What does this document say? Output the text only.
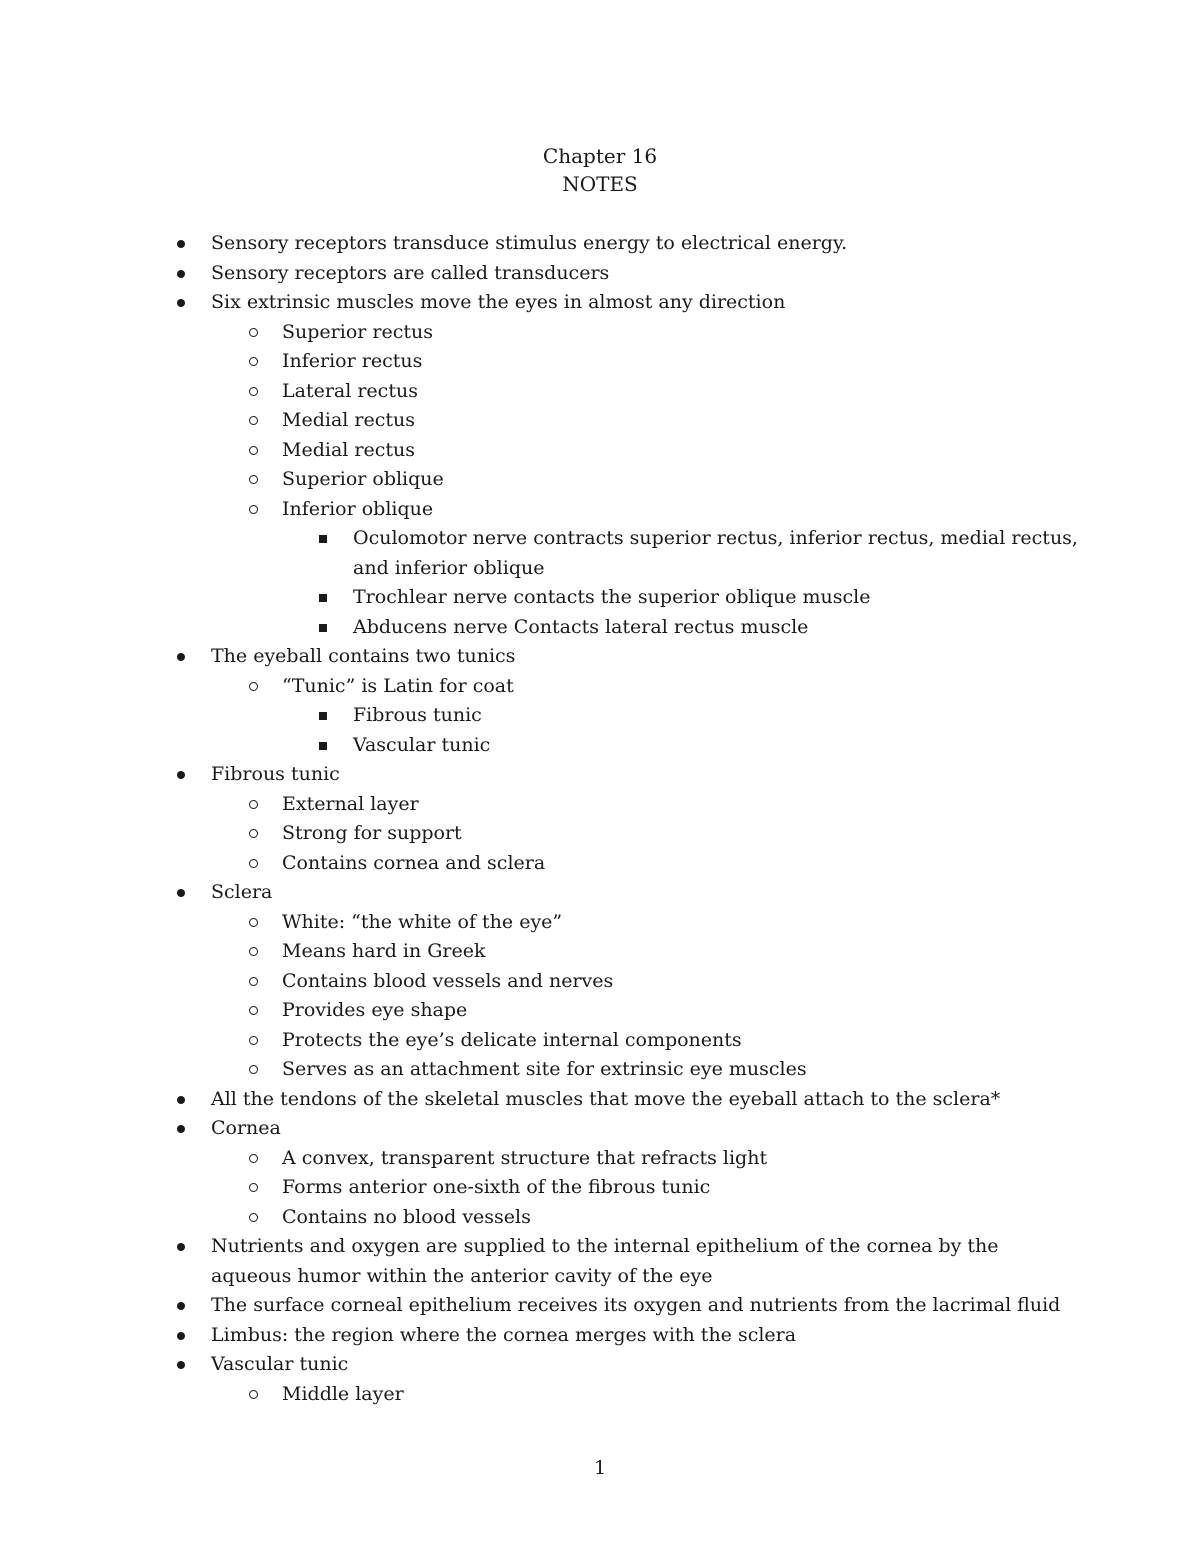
Chapter 16
NOTES
Sensory receptors transduce stimulus energy to electrical energy.
Sensory receptors are called transducers
Six extrinsic muscles move the eyes in almost any direction
Superior rectus
Inferior rectus
Lateral rectus
Medial rectus
Medial rectus
Superior oblique
Inferior oblique
Oculomotor nerve contracts superior rectus, inferior rectus, medial rectus,
and inferior oblique
Trochlear nerve contacts the superior oblique muscle
Abducens nerve Contacts lateral rectus muscle
The eyeball contains two tunics
“Tunic” is Latin for coat
Fibrous tunic
Vascular tunic
Fibrous tunic
External layer
Strong for support
Contains cornea and sclera
Sclera
White: “the white of the eye”
Means hard in Greek
Contains blood vessels and nerves
Provides eye shape
Protects the eye’s delicate internal components
Serves as an attachment site for extrinsic eye muscles
All the tendons of the skeletal muscles that move the eyeball attach to the sclera*
Cornea
A convex, transparent structure that refracts light
Forms anterior one-sixth of the fibrous tunic
Contains no blood vessels
Nutrients and oxygen are supplied to the internal epithelium of the cornea by the
aqueous humor within the anterior cavity of the eye
The surface corneal epithelium receives its oxygen and nutrients from the lacrimal fluid
Limbus: the region where the cornea merges with the sclera
Vascular tunic
Middle layer
1
